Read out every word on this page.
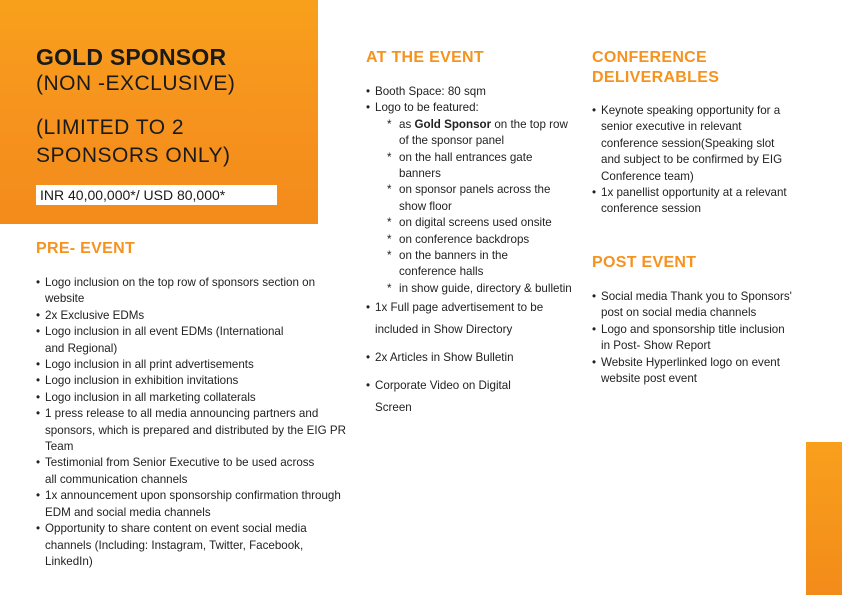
GOLD SPONSOR
(NON -EXCLUSIVE)
(LIMITED TO 2 SPONSORS ONLY)
INR 40,00,000*/ USD 80,000*
PRE- EVENT
• Logo inclusion on the top row of sponsors section on website
• 2x Exclusive EDMs
• Logo inclusion in all event EDMs (International and Regional)
• Logo inclusion in all print advertisements
• Logo inclusion in exhibition invitations
• Logo inclusion in all marketing collaterals
• 1 press release to all media announcing partners and sponsors, which is prepared and distributed by the EIG PR Team
• Testimonial from Senior Executive to be used across all communication channels
• 1x announcement upon sponsorship confirmation through EDM and social media channels
• Opportunity to share content on event social media channels (Including: Instagram, Twitter, Facebook, LinkedIn)
AT THE EVENT
• Booth Space: 80 sqm
• Logo to be featured:
* as Gold Sponsor on the top row of the sponsor panel
* on the hall entrances gate banners
* on sponsor panels across the show floor
* on digital screens used onsite
* on conference backdrops
* on the banners in the conference halls
* in show guide, directory & bulletin
• 1x Full page advertisement to be included in Show Directory
• 2x Articles in Show Bulletin
• Corporate Video on Digital Screen
CONFERENCE DELIVERABLES
• Keynote speaking opportunity for a senior executive in relevant conference session(Speaking slot and subject to be confirmed by EIG Conference team)
• 1x panellist opportunity at a relevant conference session
POST EVENT
• Social media Thank you to Sponsors' post on social media channels
• Logo and sponsorship title inclusion in Post- Show Report
• Website Hyperlinked logo on event website post event
